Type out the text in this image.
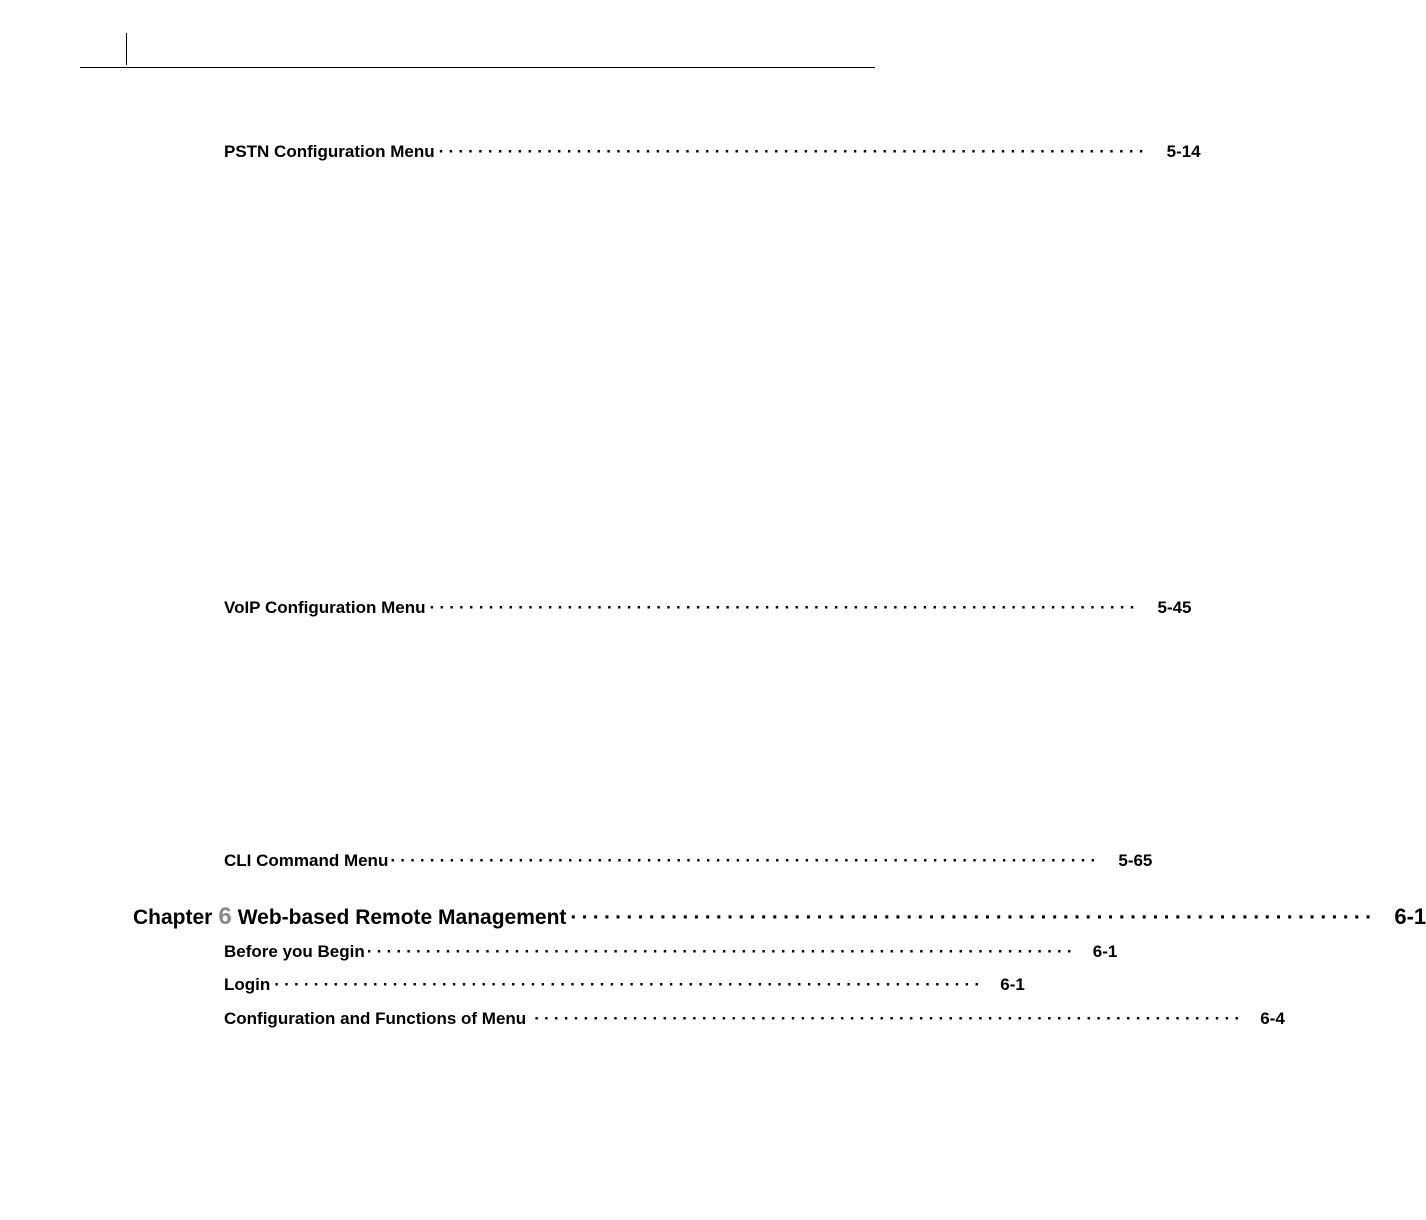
PSTN Configuration Menu ········································································ 5-14
VoIP Configuration Menu ········································································ 5-45
CLI Command Menu ········································································ 5-65
Chapter 6 Web-based Remote Management ········································································ 6-1
Before you Begin ········································································ 6-1
Login ········································································ 6-1
Configuration and Functions of Menu ········································································ 6-4
